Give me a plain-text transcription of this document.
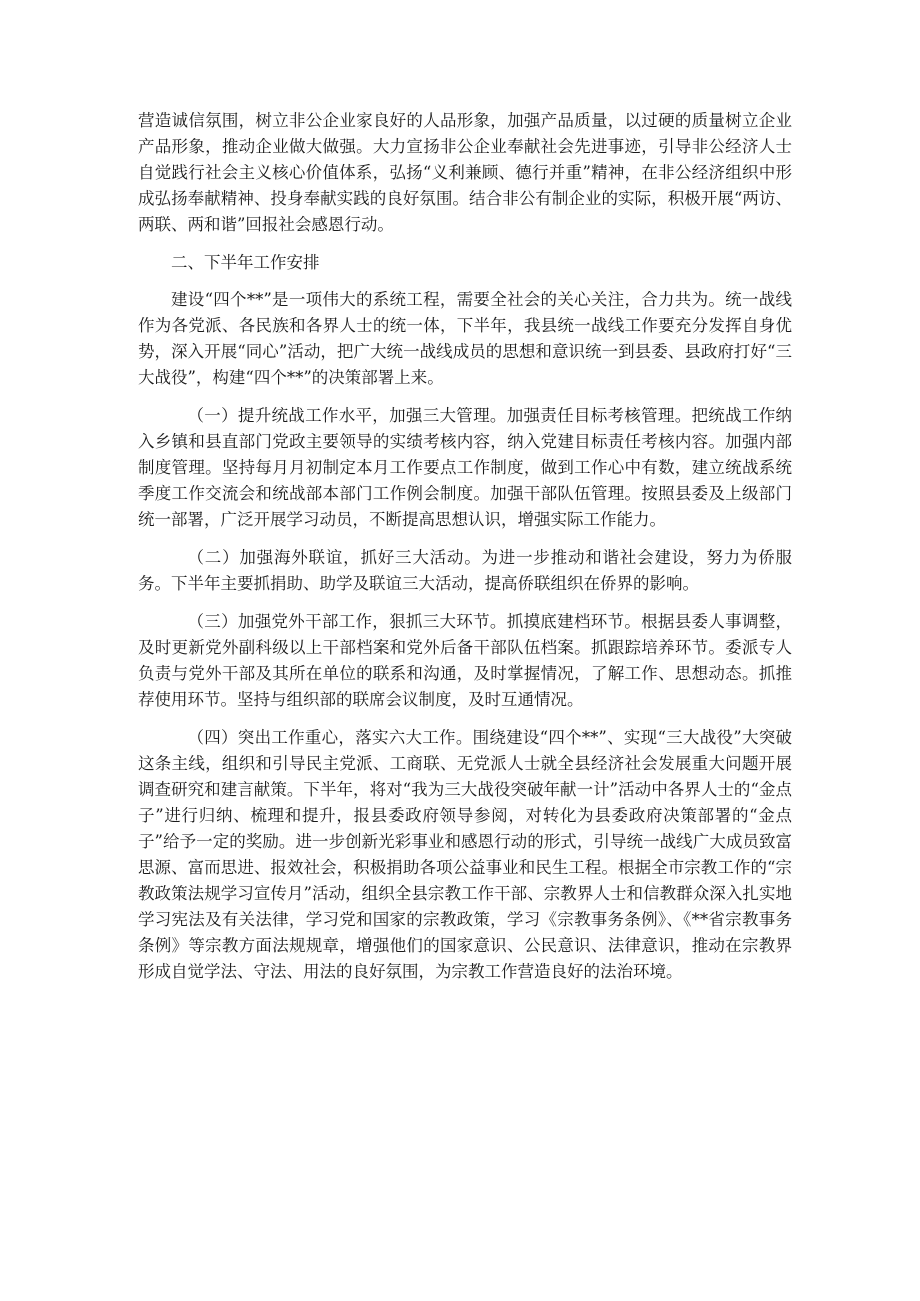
营造诚信氛围，树立非公企业家良好的人品形象，加强产品质量，以过硬的质量树立企业产品形象，推动企业做大做强。大力宣扬非公企业奉献社会先进事迹，引导非公经济人士自觉践行社会主义核心价值体系，弘扬“义利兼顾、德行并重”精神，在非公经济组织中形成弘扬奉献精神、投身奉献实践的良好氛围。结合非公有制企业的实际，积极开展“两访、两联、两和谐”回报社会感恩行动。

二、下半年工作安排

建设“四个**”是一项伟大的系统工程，需要全社会的关心关注，合力共为。统一战线作为各党派、各民族和各界人士的统一体，下半年，我县统一战线工作要充分发挥自身优势，深入开展“同心”活动，把广大统一战线成员的思想和意识统一到县委、县政府打好“三大战役”，构建“四个**”的决策部署上来。

（一）提升统战工作水平，加强三大管理。加强责任目标考核管理。把统战工作纳入乡镇和县直部门党政主要领导的实绩考核内容，纳入党建目标责任考核内容。加强内部制度管理。坚持每月月初制定本月工作要点工作制度，做到工作心中有数，建立统战系统季度工作交流会和统战部本部门工作例会制度。加强干部队伍管理。按照县委及上级部门统一部署，广泛开展学习动员，不断提高思想认识，增强实际工作能力。

（二）加强海外联谊，抓好三大活动。为进一步推动和谐社会建设，努力为侨服务。下半年主要抓捐助、助学及联谊三大活动，提高侨联组织在侨界的影响。

（三）加强党外干部工作，狠抓三大环节。抓摸底建档环节。根据县委人事调整，及时更新党外副科级以上干部档案和党外后备干部队伍档案。抓跟踪培养环节。委派专人负责与党外干部及其所在单位的联系和沟通，及时掌握情况，了解工作、思想动态。抓推荐使用环节。坚持与组织部的联席会议制度，及时互通情况。

（四）突出工作重心，落实六大工作。围绕建设“四个**”、实现“三大战役”大突破这条主线，组织和引导民主党派、工商联、无党派人士就全县经济社会发展重大问题开展调查研究和建言献策。下半年，将对“我为三大战役突破年献一计”活动中各界人士的“金点子”进行归纳、梳理和提升，报县委政府领导参阅，对转化为县委政府决策部署的“金点子”给予一定的奖励。进一步创新光彩事业和感恩行动的形式，引导统一战线广大成员致富思源、富而思进、报效社会，积极捐助各项公益事业和民生工程。根据全市宗教工作的“宗教政策法规学习宣传月”活动，组织全县宗教工作干部、宗教界人士和信教群众深入扎实地学习宪法及有关法律，学习党和国家的宗教政策，学习《宗教事务条例》、《**省宗教事务条例》等宗教方面法规规章，增强他们的国家意识、公民意识、法律意识，推动在宗教界形成自觉学法、守法、用法的良好氛围，为宗教工作营造良好的法治环境。
